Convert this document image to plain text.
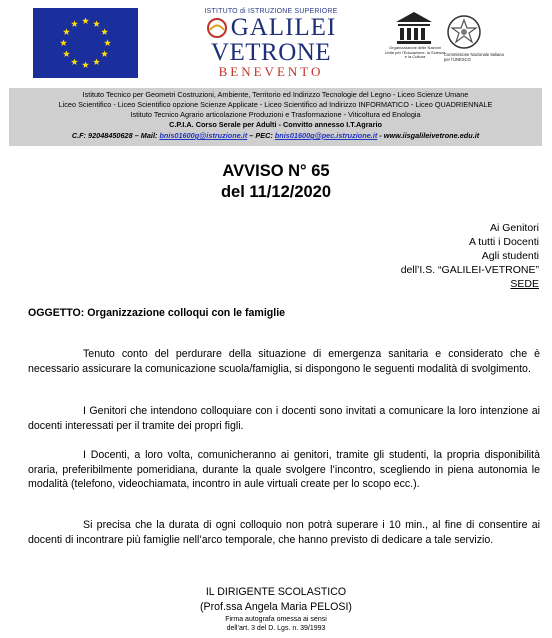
ISTITUTO di ISTRUZIONE SUPERIORE
GALILEI
VETRONE
BENEVENTO
Organizzazione delle Nazioni Unite per l'Educazione, la Scienza e la Cultura	Commissione Nazionale Italiana per l'UNESCO
Istituto Tecnico per Geometri Costruzioni, Ambiente, Territorio ed Indirizzo Tecnologie del Legno - Liceo Scienze Umane
Liceo Scientifico - Liceo Scientifico opzione Scienze Applicate - Liceo Scientifico ad Indirizzo INFORMATICO - Liceo QUADRIENNALE
Istituto Tecnico Agrario articolazione Produzioni e Trasformazione - Viticoltura ed Enologia
C.P.I.A. Corso Serale per Adulti - Convitto annesso I.T.Agrario
C.F: 92048450628 – Mail: bnis01600g@istruzione.it – PEC: bnis01600g@pec.istruzione.it - www.iisgalileivetrone.edu.it
AVVISO N° 65
del 11/12/2020
Ai Genitori
A tutti i Docenti
Agli studenti
dell’I.S. “GALILEI-VETRONE”
SEDE
OGGETTO: Organizzazione colloqui con le famiglie
Tenuto conto del perdurare della situazione di emergenza sanitaria e considerato che è necessario assicurare la comunicazione scuola/famiglia, si dispongono le seguenti modalità di svolgimento.
I Genitori che intendono colloquiare con i docenti sono invitati a comunicare la loro intenzione ai docenti interessati per il tramite dei propri figli.
I Docenti, a loro volta, comunicheranno ai genitori, tramite gli studenti, la propria disponibilità oraria, preferibilmente pomeridiana, durante la quale svolgere l’incontro, scegliendo in piena autonomia le modalità (telefono, videochiamata, incontro in aule virtuali create per lo scopo ecc.).
Si precisa che la durata di ogni colloquio non potrà superare i 10 min., al fine di consentire ai docenti di incontrare più famiglie nell’arco temporale, che hanno previsto di dedicare a tale servizio.
IL DIRIGENTE SCOLASTICO
(Prof.ssa Angela Maria PELOSI)
Firma autografa omessa ai sensi
dell’art. 3 del D. Lgs. n. 39/1993
